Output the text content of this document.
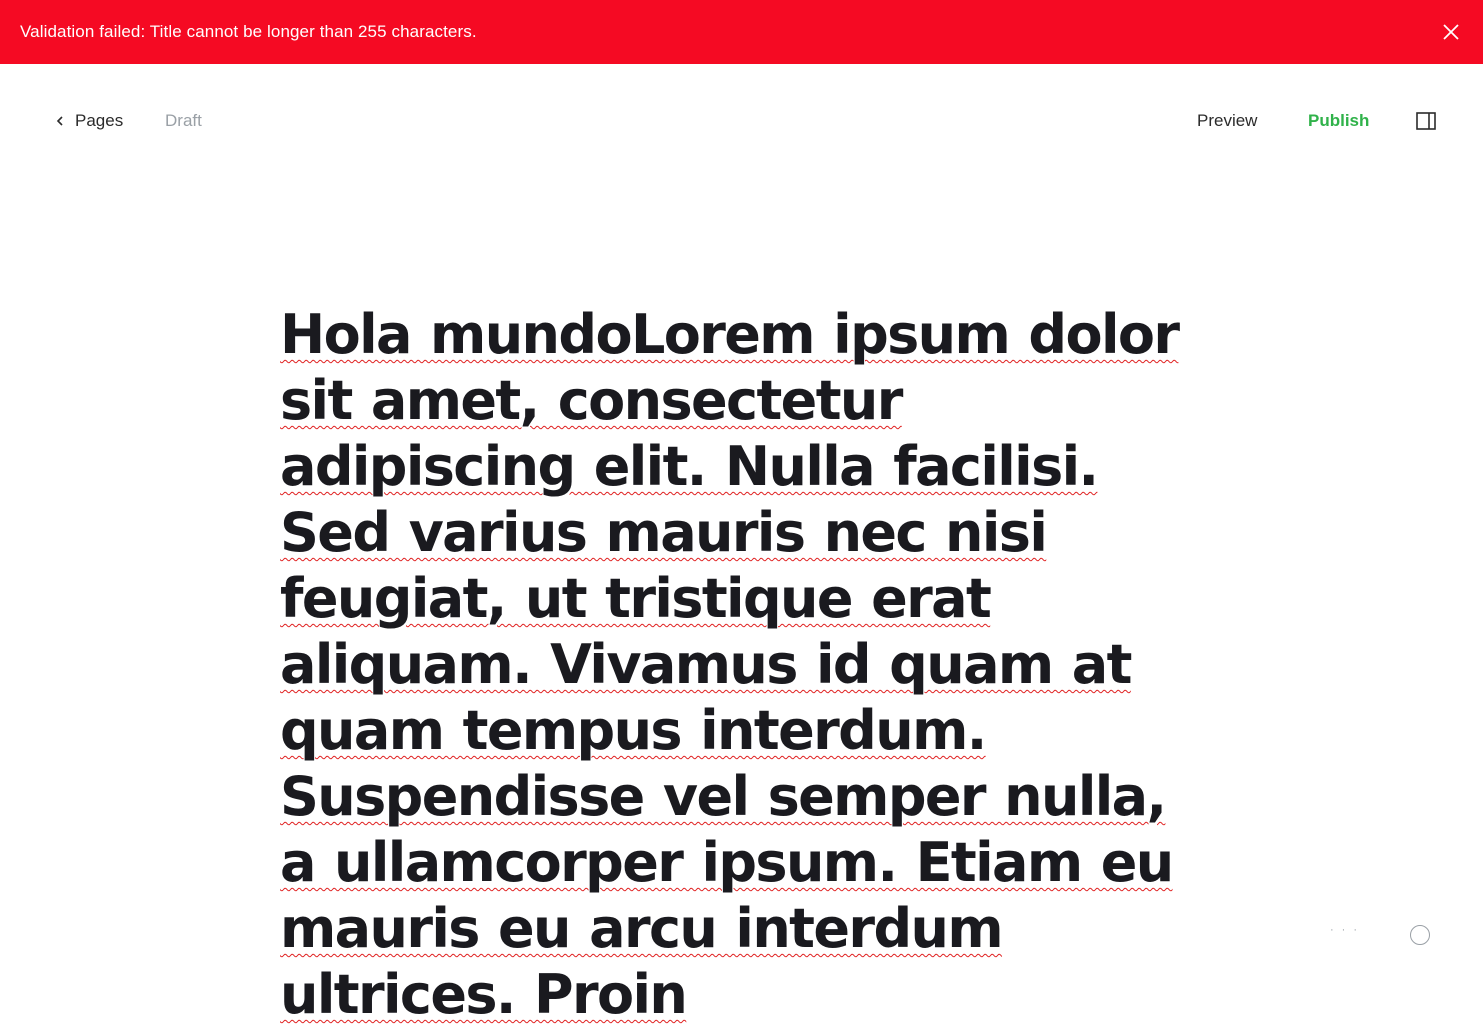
Validation failed: Title cannot be longer than 255 characters.
Pages Draft	Preview	Publish
Hola mundoLorem ipsum dolor sit amet, consectetur adipiscing elit. Nulla facilisi. Sed varius mauris nec nisi feugiat, ut tristique erat aliquam. Vivamus id quam at quam tempus interdum. Suspendisse vel semper nulla, a ullamcorper ipsum. Etiam eu mauris eu arcu interdum ultrices. Proin
···
